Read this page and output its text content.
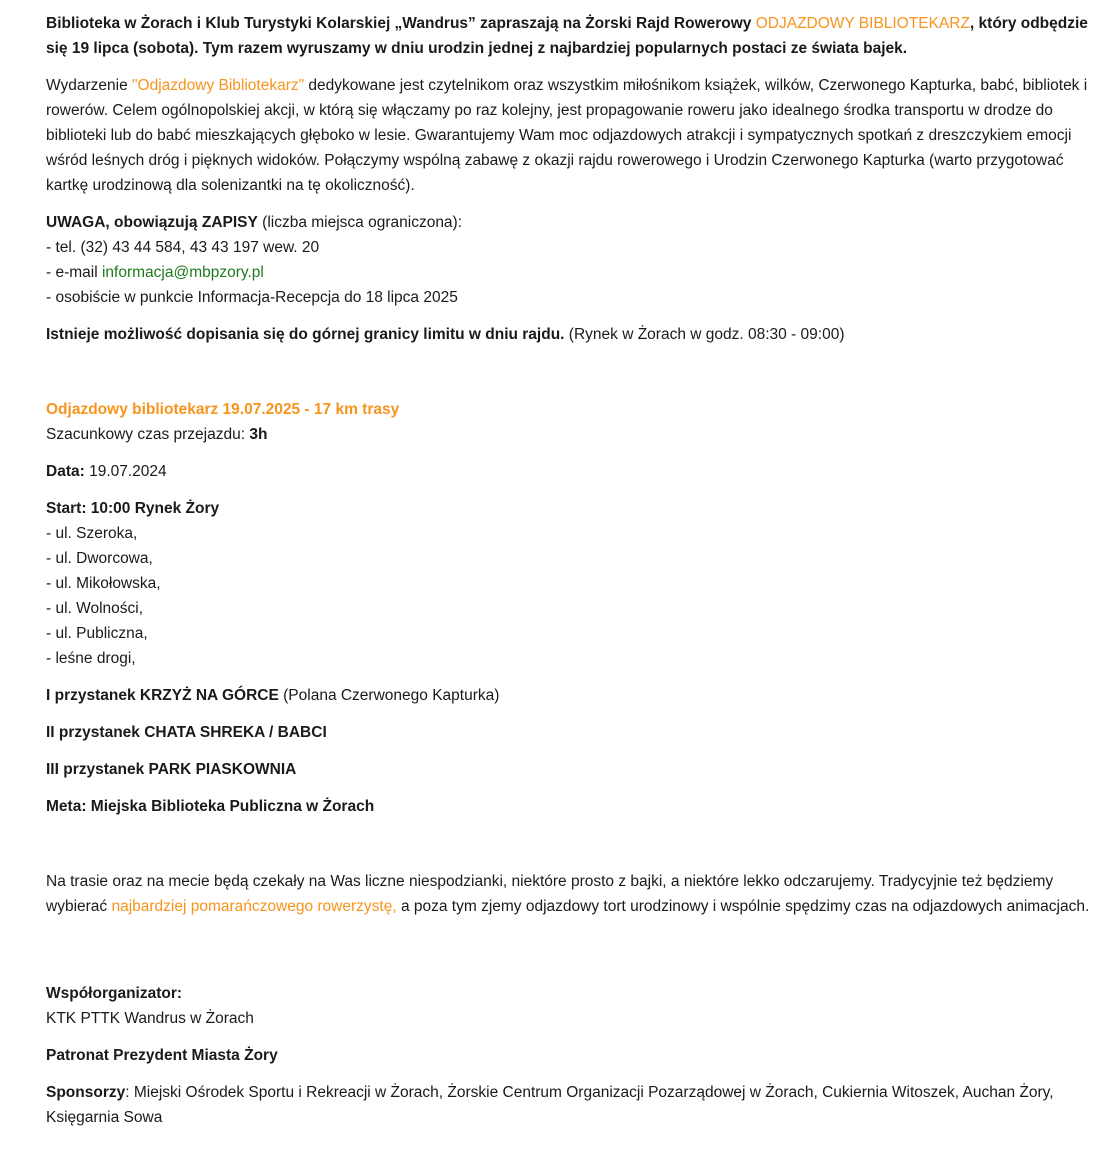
Biblioteka w Żorach i Klub Turystyki Kolarskiej „Wandrus” zapraszają na Żorski Rajd Rowerowy ODJAZDOWY BIBLIOTEKARZ, który odbędzie się 19 lipca (sobota). Tym razem wyruszamy w dniu urodzin jednej z najbardziej popularnych postaci ze świata bajek.

Wydarzenie "Odjazdowy Bibliotekarz" dedykowane jest czytelnikom oraz wszystkim miłośnikom książek, wilków, Czerwonego Kapturka, babć, bibliotek i rowerów. Celem ogólnopolskiej akcji, w którą się włączamy po raz kolejny, jest propagowanie roweru jako idealnego środka transportu w drodze do biblioteki lub do babć mieszkających głęboko w lesie. Gwarantujemy Wam moc odjazdowych atrakcji i sympatycznych spotkań z dreszczykiem emocji wśród leśnych dróg i pięknych widoków. Połączymy wspólną zabawę z okazji rajdu rowerowego i Urodzin Czerwonego Kapturka (warto przygotować kartkę urodzinową dla solenizantki na tę okoliczność).

UWAGA, obowiązują ZAPISY (liczba miejsca ograniczona):
- tel. (32) 43 44 584, 43 43 197 wew. 20
- e-mail informacja@mbpzory.pl
- osobiście w punkcie Informacja-Recepcja do 18 lipca 2025

Istnieje możliwość dopisania się do górnej granicy limitu w dniu rajdu. (Rynek w Żorach w godz. 08:30 - 09:00)

Odjazdowy bibliotekarz 19.07.2025 - 17 km trasy
Szacunkowy czas przejazdu: 3h

Data: 19.07.2024

Start: 10:00 Rynek Żory
- ul. Szeroka,
- ul. Dworcowa,
- ul. Mikołowska,
- ul. Wolności,
- ul. Publiczna,
- leśne drogi,

I przystanek KRZYŻ NA GÓRCE (Polana Czerwonego Kapturka)

II przystanek CHATA SHREKA / BABCI

III przystanek PARK PIASKOWNIA

Meta: Miejska Biblioteka Publiczna w Żorach

Na trasie oraz na mecie będą czekały na Was liczne niespodzianki, niektóre prosto z bajki, a niektóre lekko odczarujemy. Tradycyjnie też będziemy wybierać najbardziej pomarańczowego rowerzystę, a poza tym zjemy odjazdowy tort urodzinowy i wspólnie spędzimy czas na odjazdowych animacjach.

Współorganizator:
KTK PTTK Wandrus w Żorach

Patronat Prezydent Miasta Żory

Sponsorzy: Miejski Ośrodek Sportu i Rekreacji w Żorach, Żorskie Centrum Organizacji Pozarządowej w Żorach, Cukiernia Witoszek, Auchan Żory, Księgarnia Sowa
